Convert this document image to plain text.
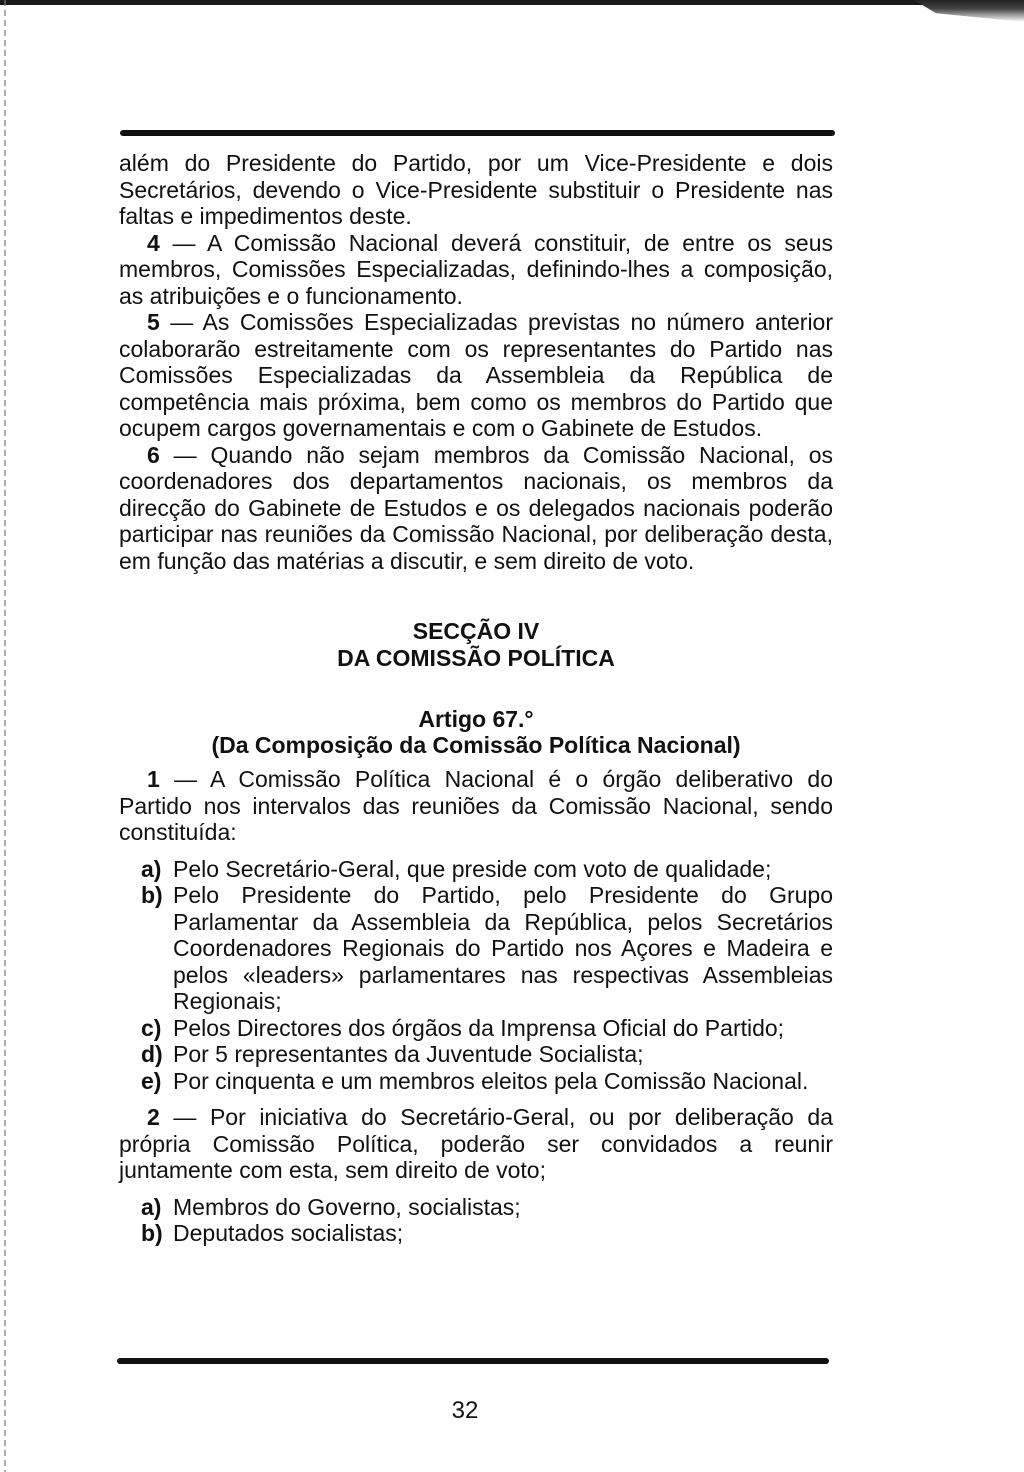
além do Presidente do Partido, por um Vice-Presidente e dois Secretários, devendo o Vice-Presidente substituir o Presidente nas faltas e impedimentos deste.

4 — A Comissão Nacional deverá constituir, de entre os seus membros, Comissões Especializadas, definindo-lhes a composição, as atribuições e o funcionamento.

5 — As Comissões Especializadas previstas no número anterior colaborarão estreitamente com os representantes do Partido nas Comissões Especializadas da Assembleia da República de competência mais próxima, bem como os membros do Partido que ocupem cargos governamentais e com o Gabinete de Estudos.

6 — Quando não sejam membros da Comissão Nacional, os coordenadores dos departamentos nacionais, os membros da direcção do Gabinete de Estudos e os delegados nacionais poderão participar nas reuniões da Comissão Nacional, por deliberação desta, em função das matérias a discutir, e sem direito de voto.

SECÇÃO IV
DA COMISSÃO POLÍTICA
Artigo 67.°
(Da Composição da Comissão Política Nacional)

1 — A Comissão Política Nacional é o órgão deliberativo do Partido nos intervalos das reuniões da Comissão Nacional, sendo constituída:

a) Pelo Secretário-Geral, que preside com voto de qualidade;
b) Pelo Presidente do Partido, pelo Presidente do Grupo Parlamentar da Assembleia da República, pelos Secretários Coordenadores Regionais do Partido nos Açores e Madeira e pelos «leaders» parlamentares nas respectivas Assembleias Regionais;
c) Pelos Directores dos órgãos da Imprensa Oficial do Partido;
d) Por 5 representantes da Juventude Socialista;
e) Por cinquenta e um membros eleitos pela Comissão Nacional.

2 — Por iniciativa do Secretário-Geral, ou por deliberação da própria Comissão Política, poderão ser convidados a reunir juntamente com esta, sem direito de voto;

a) Membros do Governo, socialistas;
b) Deputados socialistas;
32
